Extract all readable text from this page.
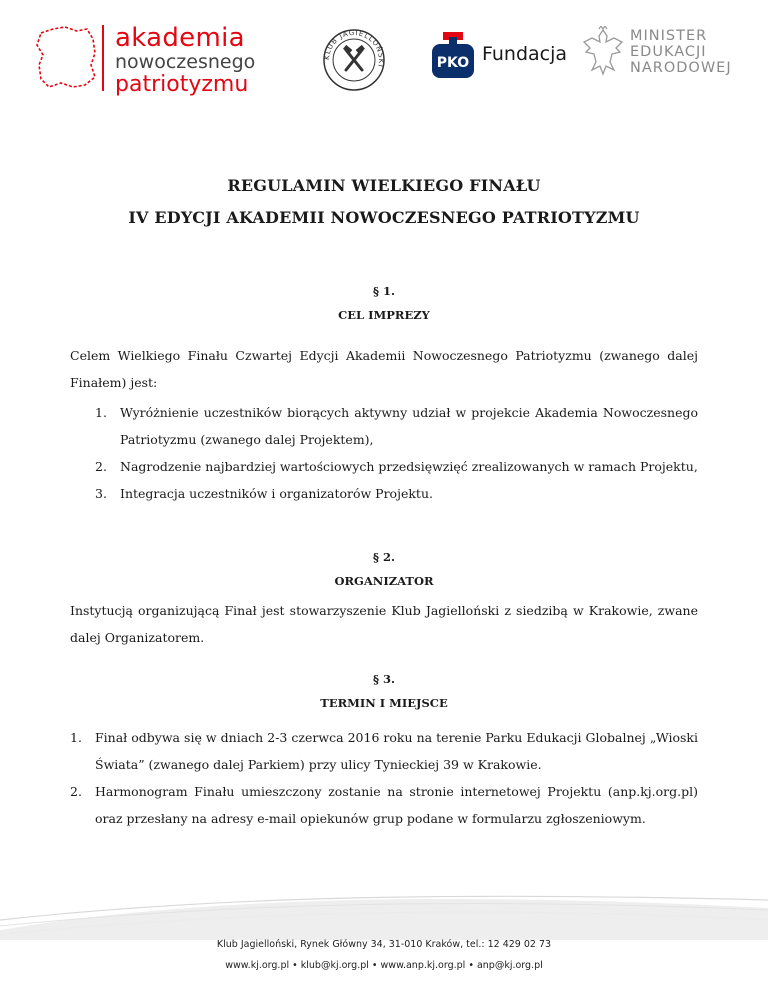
akademia
nowoczesnego
patriotyzmu
KLUB JAGIELLOŃSKI	PKO Fundacja
MINISTER
EDUKACJI
NARODOWEJ
REGULAMIN WIELKIEGO FINAŁU
IV EDYCJI AKADEMII NOWOCZESNEGO PATRIOTYZMU
§ 1.
CEL IMPREZY

Celem Wielkiego Finału Czwartej Edycji Akademii Nowoczesnego Patriotyzmu (zwanego dalej Finałem) jest:

1. Wyróżnienie uczestników biorących aktywny udział w projekcie Akademia Nowoczesnego Patriotyzmu (zwanego dalej Projektem),
2. Nagrodzenie najbardziej wartościowych przedsięwzięć zrealizowanych w ramach Projektu,
3. Integracja uczestników i organizatorów Projektu.
§ 2.
ORGANIZATOR

Instytucją organizującą Finał jest stowarzyszenie Klub Jagielloński z siedzibą w Krakowie, zwane dalej Organizatorem.

§ 3.
TERMIN I MIEJSCE
1. Finał odbywa się w dniach 2-3 czerwca 2016 roku na terenie Parku Edukacji Globalnej „Wioski Świata” (zwanego dalej Parkiem) przy ulicy Tynieckiej 39 w Krakowie.
2. Harmonogram Finału umieszczony zostanie na stronie internetowej Projektu (anp.kj.org.pl) oraz przesłany na adresy e-mail opiekunów grup podane w formularzu zgłoszeniowym.
Klub Jagielloński, Rynek Główny 34, 31-010 Kraków, tel.: 12 429 02 73
www.kj.org.pl • klub@kj.org.pl • www.anp.kj.org.pl • anp@kj.org.pl
